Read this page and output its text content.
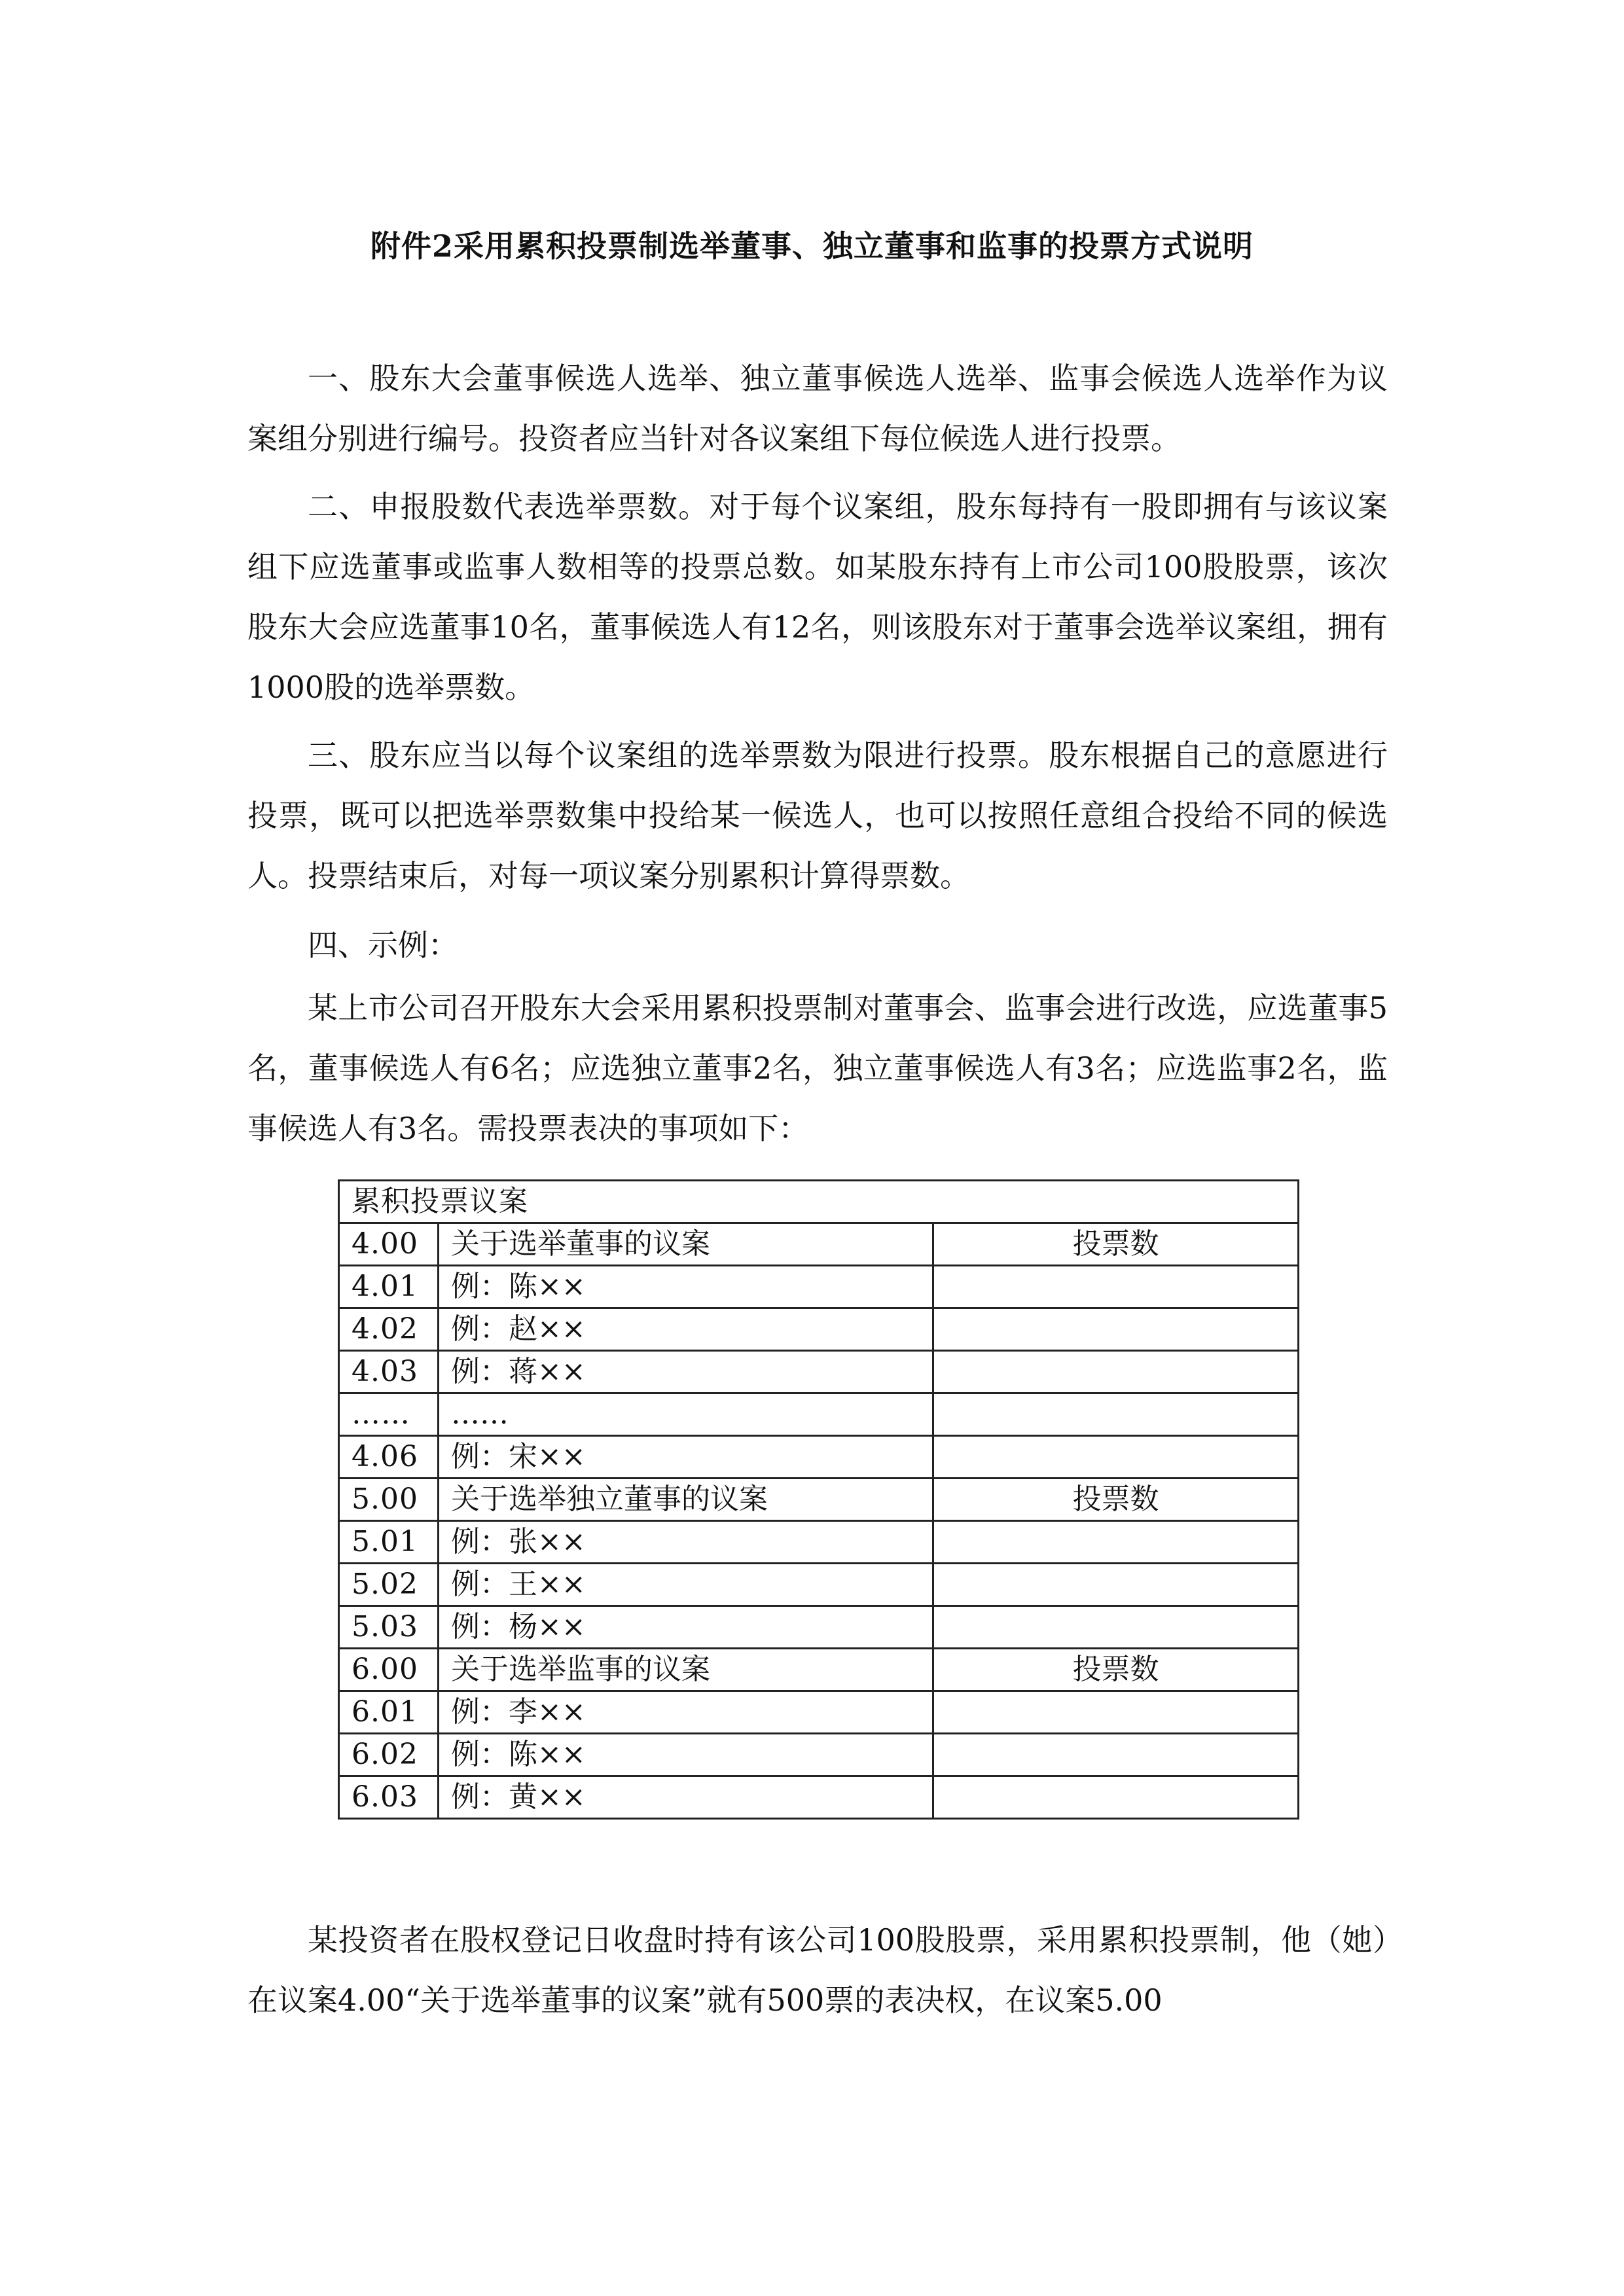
附件2采用累积投票制选举董事、独立董事和监事的投票方式说明

一、股东大会董事候选人选举、独立董事候选人选举、监事会候选人选举作为议案组分别进行编号。投资者应当针对各议案组下每位候选人进行投票。

二、申报股数代表选举票数。对于每个议案组，股东每持有一股即拥有与该议案组下应选董事或监事人数相等的投票总数。如某股东持有上市公司100股股票，该次股东大会应选董事10名，董事候选人有12名，则该股东对于董事会选举议案组，拥有1000股的选举票数。

三、股东应当以每个议案组的选举票数为限进行投票。股东根据自己的意愿进行投票，既可以把选举票数集中投给某一候选人，也可以按照任意组合投给不同的候选人。投票结束后，对每一项议案分别累积计算得票数。

四、示例：

某上市公司召开股东大会采用累积投票制对董事会、监事会进行改选，应选董事5名，董事候选人有6名；应选独立董事2名，独立董事候选人有3名；应选监事2名，监事候选人有3名。需投票表决的事项如下：

累积投票议案		
4.00	关于选举董事的议案	投票数
4.01	例：陈××	
4.02	例：赵××	
4.03	例：蒋××	
……	……	
4.06	例：宋××	
5.00	关于选举独立董事的议案	投票数
5.01	例：张××	
5.02	例：王××	
5.03	例：杨××	
6.00	关于选举监事的议案	投票数
6.01	例：李××	
6.02	例：陈××	
6.03	例：黄××	

某投资者在股权登记日收盘时持有该公司100股股票，采用累积投票制，他（她）在议案4.00“关于选举董事的议案”就有500票的表决权，在议案5.00
